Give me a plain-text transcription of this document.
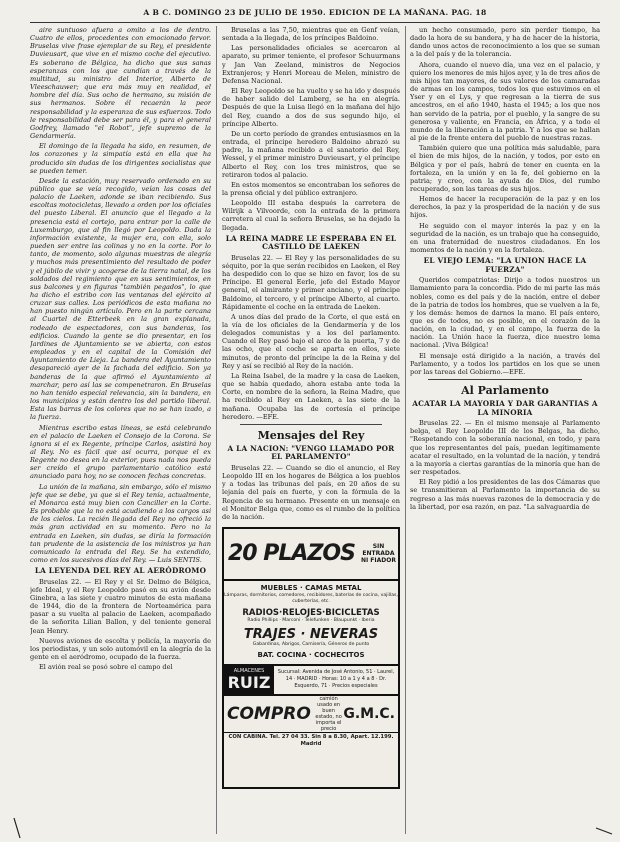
A B C. DOMINGO 23 DE JULIO DE 1950. EDICION DE LA MAÑANA. PAG. 18

aire suntuoso afuera a omito a los de dentro. Cuatro de ellos, procedentes con emocionado fervor. Bruselas vive frase ejemplar de su Rey, el presidente Duvieusart, que vive en el mismo coche del ejecutivo. Es soberano de Bélgica, ha dicho que sus sanas esperanzas con los que cundían a través de la multitud, su ministro del Interior, Alberto de Vleeschauwer; que era más muy en realidad, el hombre del día. Sus ocho de hermano, su misión de sus hermanos. Sobre él recaerán la peor responsabilidad y la esperanza de sus esfuerzos. Todo le responsabilidad debe ser para él, y para el general Godfrey, llamado "el Robot", jefe supremo de la Gendarmería.

El domingo de la llegada ha sido, en resumen, de los corazones y la simpatía está en ella que ha producido sin dudas de los dirigentes socialistas que se pueden temer.

Desde la estación, muy reservado ordenado en su público que se veía recogido, veían las cosas del palacio de Laeken, adonde se iban recibiendo. Sus escoltas motocicletas, llevado a orden por los oficiales del puesto Liberal. El anuncio que el llegado a la presencia está el cortejo, para entrar por la calle de Luxemburgo, que al fin llegó por Leopoldo. Dada la información existente, la mujer era, con ella, solo pueden ser entre las colinas y no en la corte. Por lo tanto, de momento, solo algunas muestras de alegría y muchos más presentimiento del resultado de poder y el júbilo de vivir y acogerse de la tierra natal, de los soldados del regimiento que en sus sentimientos, en sus balcones y en figuras "también pegados", lo que ha dicho el estribo con las ventanas del ejército al cruzar sus calles. Los periódicos de esta mañana no han puesto ningún artículo. Pero en la parte cercana al Cuartel de Etterbeek en la gran explanada, rodeado de espectadores, con sus banderas, los edificios. Cuando la gente se dio presentar, en los Jardines de Ajuntamiento se ve abierta, con estos empleados y en el capital de la Comisión del Ayuntamiento de Lieja. La bandera del Ayuntamiento desapareció ayer de la fachada del edificio. Son ya banderas de la que afirmó el Ayuntamiento al marchar, pero así las se compenetraron. En Bruselas no han tenido especial relevancia, sin la bandera, en los municipios y están dentro los del partido liberal. Esta las barras de los colores que no se han izado, a la fuerza.

Mientras escribo estas líneas, se está celebrando en el palacio de Laeken el Consejo de la Corona. Se ignora si el ex Regente, príncipe Carlos, asistirá hoy al Rey. No es fácil que así ocurra, porque el ex Regente no desea en la exterior, pues nada nos pueda ser creído el grupo parlamentario católico está anunciado para hoy, no se conocen fechas concretas.

La unión de la mañana, sin embargo, sólo el mismo jefe que se debe, ya que si el Rey tenía, actualmente, el Monarca está muy bien con Canciller en la Corte. Es probable que la no está acudiendo a los cargos así de los cielos. La recién llegada del Rey no ofreció la más gran actividad en su momento. Pero no la entrada en Laeken, sin dudas, se diría la formación tan prudente de la asistencia de los ministros ya han comunicado la entrada del Rey. Se ha extendido, como en los sucesivos días del Rey. — Luis SENTIS.

LA LEYENDA DEL REY AL AERÓDROMO

Bruselas 22. — El Rey y el Sr. Delmo de Bélgica, jefe Ideal, y el Rey Leopoldo pasó en su avión desde Ginebra, a las siete y cuatro minutos de esta mañana de 1944, dio de la frontera de Norteamérica para pasar a su vuelta al palacio de Laeken, acompañado de la señorita Lilian Ballon, y del teniente general Jean Henry.

Nuevos aviones de escolta y policía, la mayoría de los periodistas, y un solo automóvil en la alegría de la gente en el aeródromo, ocupado de la fuerza.

El avión real se posó sobre el campo del

Bruselas a las 7,50, mientras que en Genf veían, sentada a la llegada, de los príncipes Baldoino.

Las personalidades oficiales se acercaron al aparato, su primer teniente, el profesor Schuurmans y Jan Van Zeeland, ministros de Negocios Extranjeros; y Henri Moreau de Melen, ministro de Defensa Nacional.

El Rey Leopoldo se ha vuelto y se ha ido y después de haber salido del Lamberg, se ha en alegría. Después de que la Luisa llegó en la mañana del hijo del Rey, cuando a dos de sus segundo hijo, el príncipe Alberto.

De un corto período de grandes entusiasmos en la entrada, el príncipe heredero Baldoino abrazó su padre, la mañana recibido a el sanatorio del Rey, Wessel, y el primer ministro Duvieusart, y el príncipe Alberto el Rey, con los tres ministros, que se retiraron todos al palacio.

En estos momentos se encontraban los señores de la prensa oficial y del público extranjero.

Leopoldo III estaba después la carretera de Wilrijk a Vilvoorde, con la entrada de la primera carretera al cual la señora Bruselas, se ha dejado la llegada.

LA REINA MADRE LE ESPERABA EN EL CASTILLO DE LAEKEN

Bruselas 22. — El Rey y las personalidades de su séquito, por la que serán recibidos en Laeken, el Rey ha despedido con lo que se hizo en favor, los de su Príncipe. El general Eerle, jefe del Estado Mayor general, el almirante y primer anciano, y el príncipe Baldoino, el tercero, y el príncipe Alberto, al cuarto. Rápidamente el coche en la entrada de Laeken.

A unos días del prado de la Corte, el que está en la vía de los oficiales de la Gendarmería y de los delegados comunistas y a los del parlamento. Cuando el Rey pasó bajo el arco de la puerta, 7 y de las ocho, que el coche se aparta en ellos, siete minutos, de pronto del príncipe la de la Reina y del Rey y así se recibió al Rey de la nación.

La Reina Isabel, de la madre y la casa de Laeken, que se había quedado, ahora estaba ante toda la Corte, en nombre de la señora, la Reina Madre, que ha recibido al Rey en Laeken, a las siete de la mañana. Ocupaba las de cortesía el príncipe heredero. —EFE.

Mensajes del Rey
A LA NACION: "VENGO LLAMADO POR EL PARLAMENTO"

Bruselas 22. — Cuando se dio el anuncio, el Rey Leopoldo III en los hogares de Bélgica a los pueblos y a todas las tribunas del país, en 20 años de su lejanía del país en fuerte, y con la fórmula de la Regencia de su hermano. Presente en un mensaje en el Monitor Belga que, como es el rumbo de la política de la nación.

20 PLAZOS	SIN ENTRADA NI FIADOR
MUEBLES · CAMAS METAL
Lámparas, dormitorios, comedores, recibidores, baterías de cocina, vajillas, cuberterías, etc.
RADIOS·RELOJES·BICICLETAS
Radio Phillips · Marconi · Telefunken · Blaupunkt · Iberia
TRAJES · NEVERAS
Gabardinas, Abrigos, Camisería, Géneros de punto
BAT. COCINA · COCHECITOS
ALMACENES
RUIZ
Sucursal: Avenida de José Antonio, 51 · Laurel, 14 · MADRID · Horas: 10 a 1 y 4 a 8 · Dr. Esquerdo, 71 · Precios especiales
COMPRO
camión usado en buen estado, no importa el precio
G.M.C.
CON CABINA. Tel. 27 04 33. Sin 8 a 8.30, Apart. 12.199. Madrid

un hecho consumado, pero sin perder tiempo, ha dado la hora de su bandera, y ha de hacer de la historia, dando unos actos de reconocimiento a los que se suman a la del país y de la tolerancia.

Ahora, cuando el nuevo día, una vez en el palacio, y quiero los menores de mis hijos ayer, y la de tres años de mis hijos tan mayores, de sus valores de los camaradas de armas en los campos, todos los que estuvimos en el Yser y en el Lys, y que regresan a la tierra de sus ancestros, en el año 1940, hasta el 1945; a los que nos han servido de la patria, por el pueblo, y la sangre de su generosa y valiente, en Francia, en África, y a todo el mundo de la liberación a la patria. Y a los que se hallan al pie de la frente entera del pueblo de nuestras razas.

También quiero que una política más saludable, para el bien de mis hijos, de la nación, y todos, por esto en Bélgica y por el país, habrá de tener en cuenta en la fortaleza, en la unión y en la fe, del gobierno en la patria; y creo, con la ayuda de Dios, del rumbo recuperado, son las tareas de sus hijos.

Hemos de hacer la recuperación de la paz y en los derechos, la paz y la prosperidad de la nación y de sus hijos.

He seguido con el mayor interés la paz y en la seguridad de la nación, es un trabajo que ha conseguido, en una fraternidad de nuestros ciudadanos. En los momentos de la nación y en la fortaleza.

EL VIEJO LEMA: "LA UNION HACE LA FUERZA"

Queridos compatriotas: Dirijo a todos nuestros un llamamiento para la concordia. Pido de mi parte las más nobles, como es del país y de la nación, entre el deber de la patria de todos los hombres, que se vuelven a la fe, y los demás: hemos de darnos la mano. El país entero, que es de todos, no es posible, en el corazón de la nación, en la ciudad, y en el campo, la fuerza de la nación. La Unión hace la fuerza, dice nuestro lema nacional. ¡Viva Bélgica!

El mensaje está dirigido a la nación, a través del Parlamento, y a todos los partidos en los que se unen por las tareas del Gobierno.—EFE.

Al Parlamento
ACATAR LA MAYORIA Y DAR GARANTIAS A LA MINORIA

Bruselas 22. — En el mismo mensaje al Parlamento belga, el Rey Leopoldo III de los Belgas, ha dicho, "Respetando con la soberanía nacional, en todo, y para que los representantes del país, puedan legítimamente acatar el resultado, en la voluntad de la nación, y tendrá a la mayoría a ciertas garantías de la minoría que han de ser respetados.

El Rey pidió a los presidentes de las dos Cámaras que se transmitieran al Parlamento la importancia de su regreso a las más nuevas razones de la democracia y de la libertad, por esa razón, en paz. "La salvaguardia de
